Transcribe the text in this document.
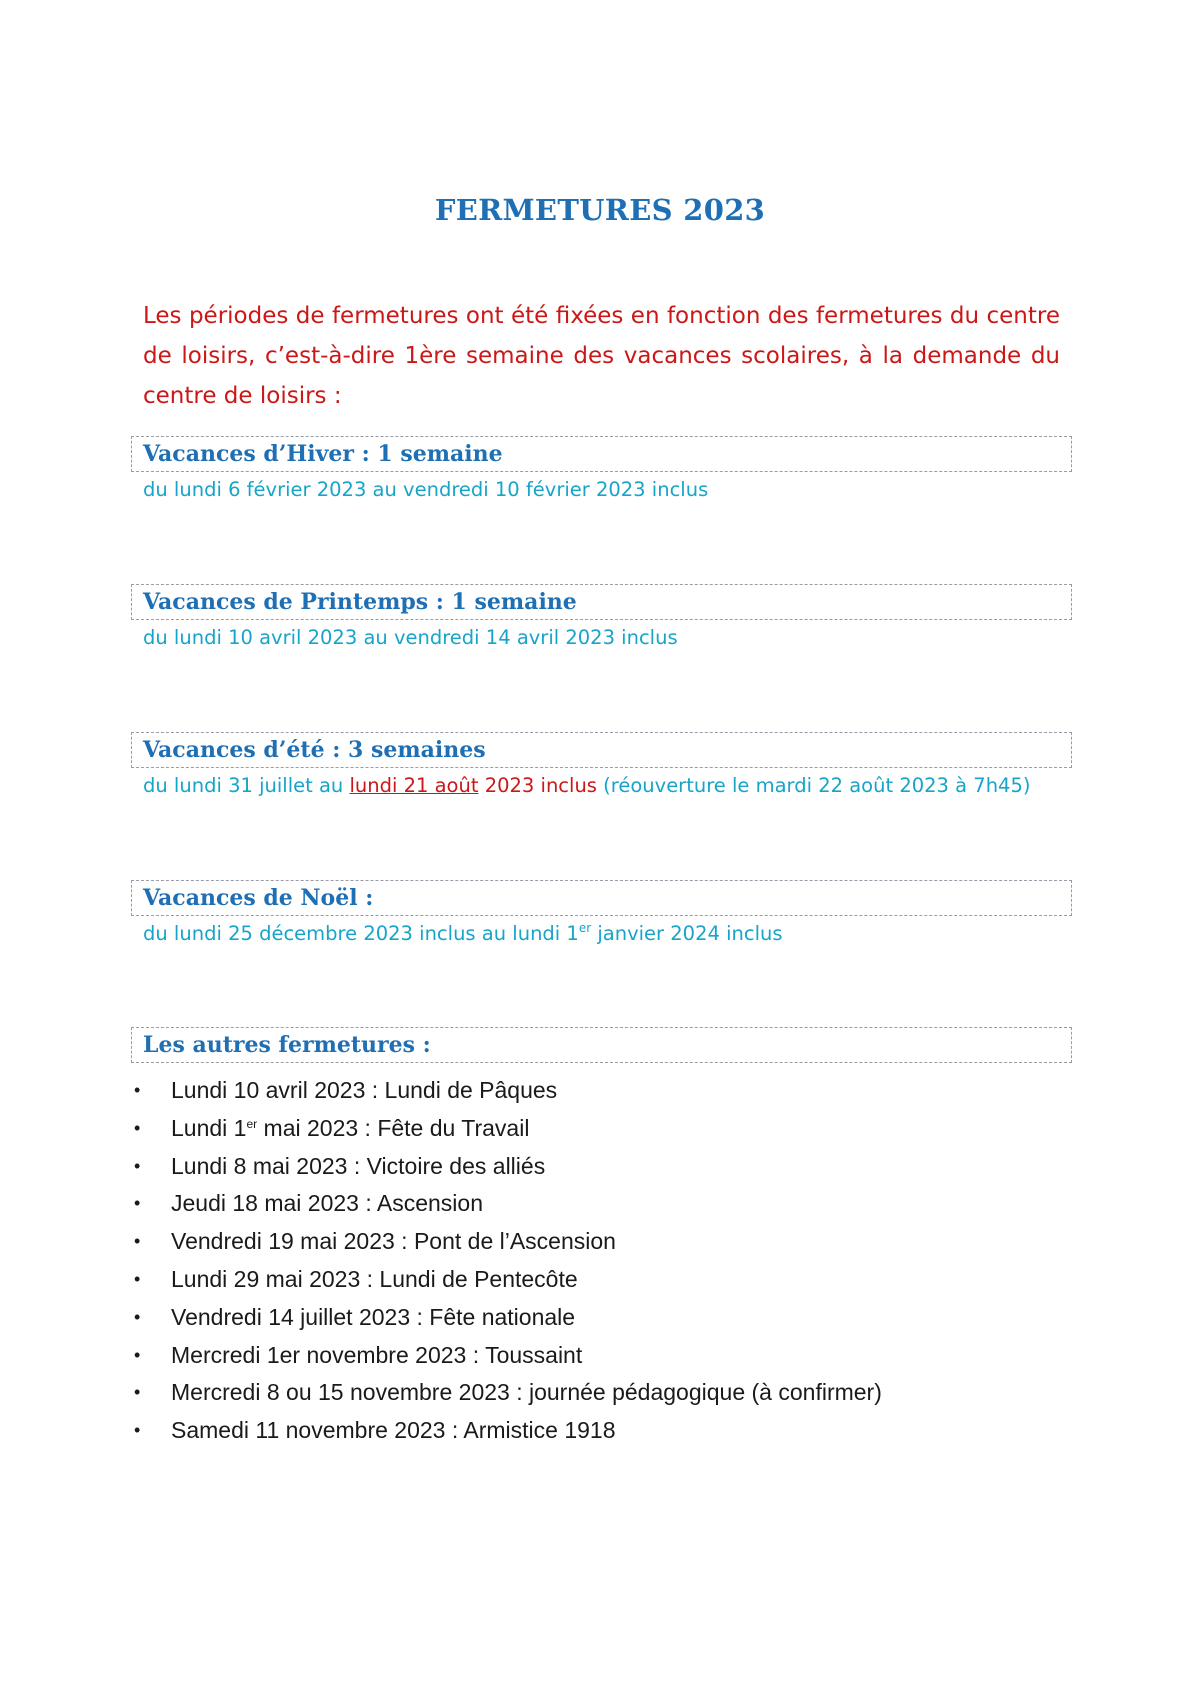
FERMETURES 2023
Les périodes de fermetures ont été fixées en fonction des fermetures du centre de loisirs, c’est-à-dire 1ère semaine des vacances scolaires, à la demande du centre de loisirs :
Vacances d’Hiver : 1 semaine
du lundi 6 février 2023 au vendredi 10 février 2023 inclus
Vacances de Printemps : 1 semaine
du lundi 10 avril 2023 au vendredi 14 avril 2023 inclus
Vacances d’été : 3 semaines
du lundi 31 juillet au lundi 21 août 2023 inclus (réouverture le mardi 22 août 2023 à 7h45)
Vacances de Noël :
du lundi 25 décembre 2023 inclus au lundi 1er janvier 2024 inclus
Les autres fermetures :
• Lundi 10 avril 2023 : Lundi de Pâques
• Lundi 1er mai 2023 : Fête du Travail
• Lundi 8 mai 2023 : Victoire des alliés
• Jeudi 18 mai 2023 : Ascension
• Vendredi 19 mai 2023 : Pont de l’Ascension
• Lundi 29 mai 2023 : Lundi de Pentecôte
• Vendredi 14 juillet 2023 : Fête nationale
• Mercredi 1er novembre 2023 : Toussaint
• Mercredi 8 ou 15 novembre 2023 : journée pédagogique (à confirmer)
• Samedi 11 novembre 2023 : Armistice 1918
